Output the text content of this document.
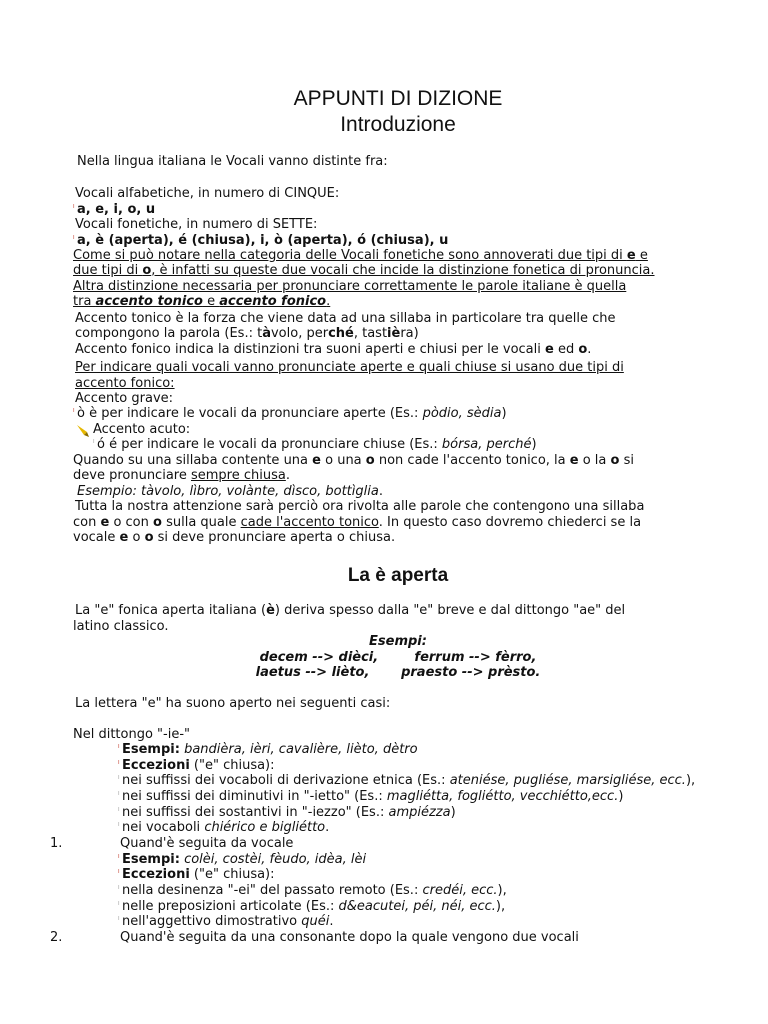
APPUNTI DI DIZIONE
Introduzione
Nella lingua italiana le Vocali vanno distinte fra:
Vocali alfabetiche, in numero di CINQUE:
ˡ a, e, i, o, u
Vocali fonetiche, in numero di SETTE:
ˡ a, è (aperta), é (chiusa), i, ò (aperta), ó (chiusa), u
Come si può notare nella categoria delle Vocali fonetiche sono annoverati due tipi di e e
due tipi di o, è infatti su queste due vocali che incide la distinzione fonetica di pronuncia.
Altra distinzione necessaria per pronunciare correttamente le parole italiane è quella
tra accento tonico e accento fonico.
Accento tonico è la forza che viene data ad una sillaba in particolare tra quelle che
compongono la parola (Es.: tàvolo, perché, tastièra)
Accento fonico indica la distinzioni tra suoni aperti e chiusi per le vocali e ed o.
Per indicare quali vocali vanno pronunciate aperte e quali chiuse si usano due tipi di
accento fonico:
Accento grave:
ˡ ò è per indicare le vocali da pronunciare aperte (Es.: pòdio, sèdia)
Accento acuto:
ˡ ó é per indicare le vocali da pronunciare chiuse (Es.: bórsa, perché)
Quando su una sillaba contente una e o una o non cade l'accento tonico, la e o la o si
deve pronunciare sempre chiusa.
Esempio: tàvolo, lìbro, volànte, dìsco, bottìglia.
Tutta la nostra attenzione sarà perciò ora rivolta alle parole che contengono una sillaba
con e o con o sulla quale cade l'accento tonico. In questo caso dovremo chiederci se la
vocale e o o si deve pronunciare aperta o chiusa.
La è aperta
La "e" fonica aperta italiana (è) deriva spesso dalla "e" breve e dal dittongo "ae" del
latino classico.
Esempi:
decem --> dièci,        ferrum --> fèrro,
laetus --> lièto,       praesto --> prèsto.
La lettera "e" ha suono aperto nei seguenti casi:
Nel dittongo "-ie-"
ˡ Esempi: bandièra, ièri, cavalière, lièto, dètro
ˡ Eccezioni ("e" chiusa):
ˡ nei suffissi dei vocaboli di derivazione etnica (Es.: ateniése, pugliése, marsigliése, ecc.),
ˡ nei suffissi dei diminutivi in "-ietto" (Es.: magliétta, fogliétto, vecchiétto,ecc.)
ˡ nei suffissi dei sostantivi in "-iezzo" (Es.: ampiézza)
ˡ nei vocaboli chiérico e bigliétto.
1.	Quand'è seguita da vocale
ˡ Esempi: colèi, costèi, fèudo, idèa, lèi
ˡ Eccezioni ("e" chiusa):
ˡ nella desinenza "-ei" del passato remoto (Es.: credéi, ecc.),
ˡ nelle preposizioni articolate (Es.: d&eacutei, péi, néi, ecc.),
ˡ nell'aggettivo dimostrativo quéi.
2.	Quand'è seguita da una consonante dopo la quale vengono due vocali
